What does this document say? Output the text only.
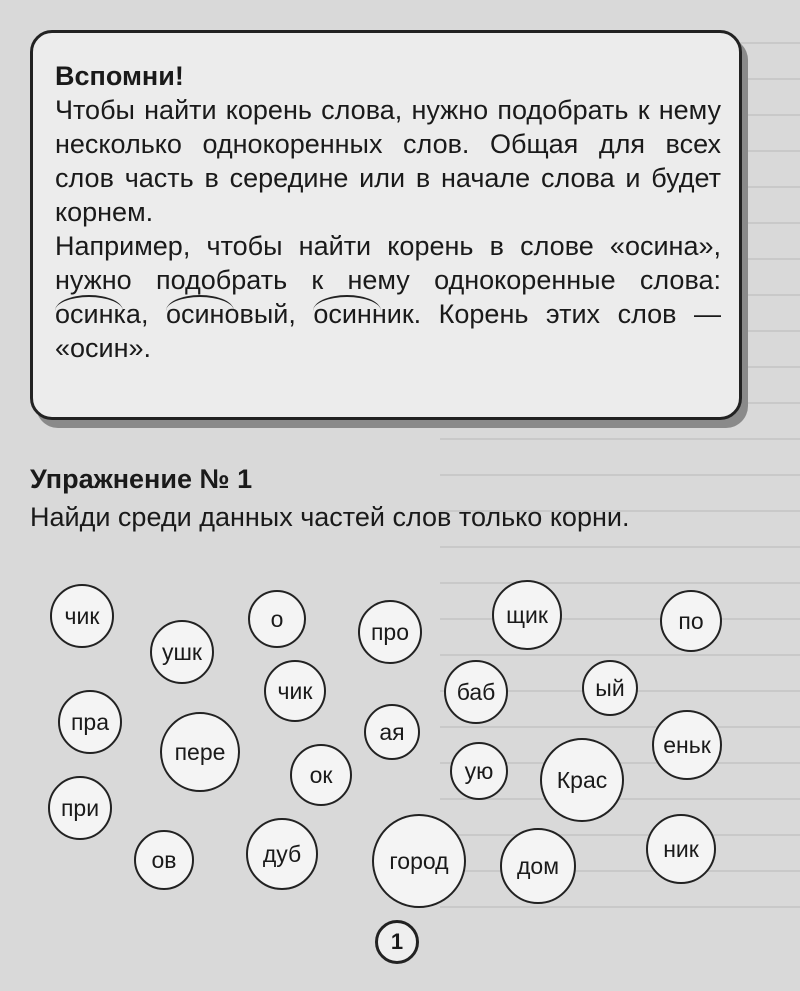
Вспомни!

Чтобы найти корень слова, нужно подобрать к нему несколько однокоренных слов. Общая для всех слов часть в середине или в начале слова и будет корнем.

Например, чтобы найти корень в слове «осина», нужно подобрать к нему однокоренные слова: осинка, осиновый, осинник. Корень этих слов — «осин».

Упражнение № 1
Найди среди данных частей слов только корни.
чик
ушк
о	про
щик	по
чик	баб	ый
пра
пере
ая	еньк
ок	ую	Крас
при
ов	дуб	город	дом
ник
1
